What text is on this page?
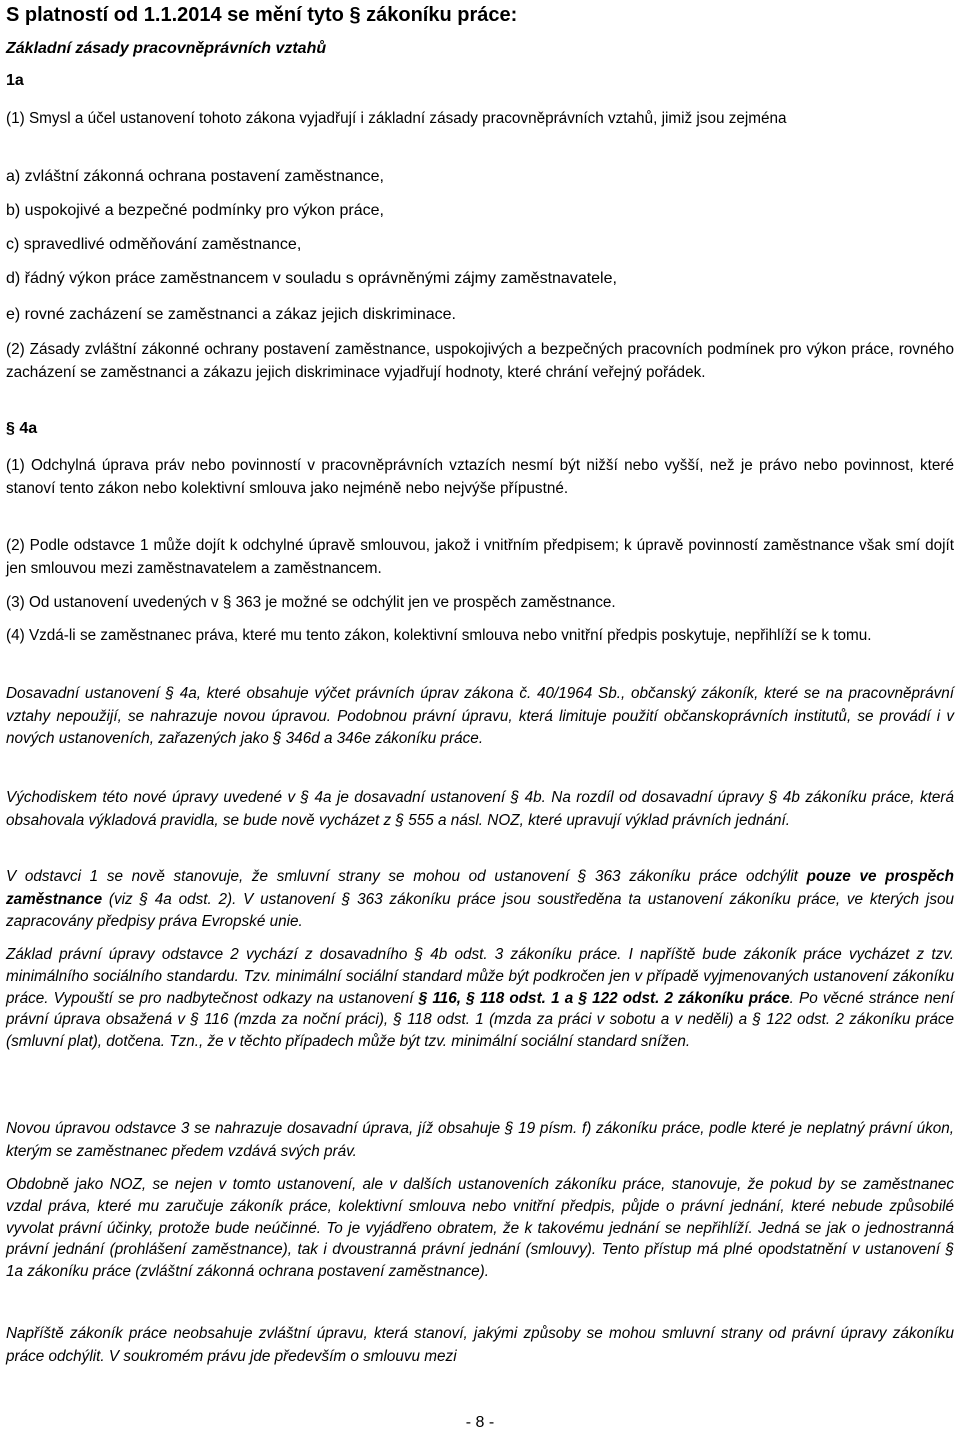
S platností od 1.1.2014 se mění tyto § zákoníku práce:
Základní zásady pracovněprávních vztahů
1a

(1) Smysl a účel ustanovení tohoto zákona vyjadřují i základní zásady pracovněprávních vztahů, jimiž jsou zejména

a) zvláštní zákonná ochrana postavení zaměstnance,
b) uspokojivé a bezpečné podmínky pro výkon práce,
c) spravedlivé odměňování zaměstnance,
d) řádný výkon práce zaměstnancem v souladu s oprávněnými zájmy zaměstnavatele,
e) rovné zacházení se zaměstnanci a zákaz jejich diskriminace.

(2) Zásady zvláštní zákonné ochrany postavení zaměstnance, uspokojivých a bezpečných pracovních podmínek pro výkon práce, rovného zacházení se zaměstnanci a zákazu jejich diskriminace vyjadřují hodnoty, které chrání veřejný pořádek.

§ 4a

(1) Odchylná úprava práv nebo povinností v pracovněprávních vztazích nesmí být nižší nebo vyšší, než je právo nebo povinnost, které stanoví tento zákon nebo kolektivní smlouva jako nejméně nebo nejvýše přípustné.

(2) Podle odstavce 1 může dojít k odchylné úpravě smlouvou, jakož i vnitřním předpisem; k úpravě povinností zaměstnance však smí dojít jen smlouvou mezi zaměstnavatelem a zaměstnancem.

(3) Od ustanovení uvedených v § 363 je možné se odchýlit jen ve prospěch zaměstnance.

(4) Vzdá-li se zaměstnanec práva, které mu tento zákon, kolektivní smlouva nebo vnitřní předpis poskytuje, nepřihlíží se k tomu.

Dosavadní ustanovení § 4a, které obsahuje výčet právních úprav zákona č. 40/1964 Sb., občanský zákoník, které se na pracovněprávní vztahy nepoužijí, se nahrazuje novou úpravou. Podobnou právní úpravu, která limituje použití občanskoprávních institutů, se provádí i v nových ustanoveních, zařazených jako § 346d a 346e zákoníku práce.

Východiskem této nové úpravy uvedené v § 4a je dosavadní ustanovení § 4b. Na rozdíl od dosavadní úpravy § 4b zákoníku práce, která obsahovala výkladová pravidla, se bude nově vycházet z § 555 a násl. NOZ, které upravují výklad právních jednání.

V odstavci 1 se nově stanovuje, že smluvní strany se mohou od ustanovení § 363 zákoníku práce odchýlit pouze ve prospěch zaměstnance (viz § 4a odst. 2). V ustanovení § 363 zákoníku práce jsou soustředěna ta ustanovení zákoníku práce, ve kterých jsou zapracovány předpisy práva Evropské unie.

Základ právní úpravy odstavce 2 vychází z dosavadního § 4b odst. 3 zákoníku práce. I napříště bude zákoník práce vycházet z tzv. minimálního sociálního standardu. Tzv. minimální sociální standard může být podkročen jen v případě vyjmenovaných ustanovení zákoníku práce. Vypouští se pro nadbytečnost odkazy na ustanovení § 116, § 118 odst. 1 a § 122 odst. 2 zákoníku práce. Po věcné stránce není právní úprava obsažená v § 116 (mzda za noční práci), § 118 odst. 1 (mzda za práci v sobotu a v neděli) a § 122 odst. 2 zákoníku práce (smluvní plat), dotčena. Tzn., že v těchto případech může být tzv. minimální sociální standard snížen.

Novou úpravou odstavce 3 se nahrazuje dosavadní úprava, jíž obsahuje § 19 písm. f) zákoníku práce, podle které je neplatný právní úkon, kterým se zaměstnanec předem vzdává svých práv.

Obdobně jako NOZ, se nejen v tomto ustanovení, ale v dalších ustanoveních zákoníku práce, stanovuje, že pokud by se zaměstnanec vzdal práva, které mu zaručuje zákoník práce, kolektivní smlouva nebo vnitřní předpis, půjde o právní jednání, které nebude způsobilé vyvolat právní účinky, protože bude neúčinné. To je vyjádřeno obratem, že k takovému jednání se nepřihlíží. Jedná se jak o jednostranná právní jednání (prohlášení zaměstnance), tak i dvoustranná právní jednání (smlouvy). Tento přístup má plné opodstatnění v ustanovení § 1a zákoníku práce (zvláštní zákonná ochrana postavení zaměstnance).

Napříště zákoník práce neobsahuje zvláštní úpravu, která stanoví, jakými způsoby se mohou smluvní strany od právní úpravy zákoníku práce odchýlit. V soukromém právu jde především o smlouvu mezi

- 8 -
